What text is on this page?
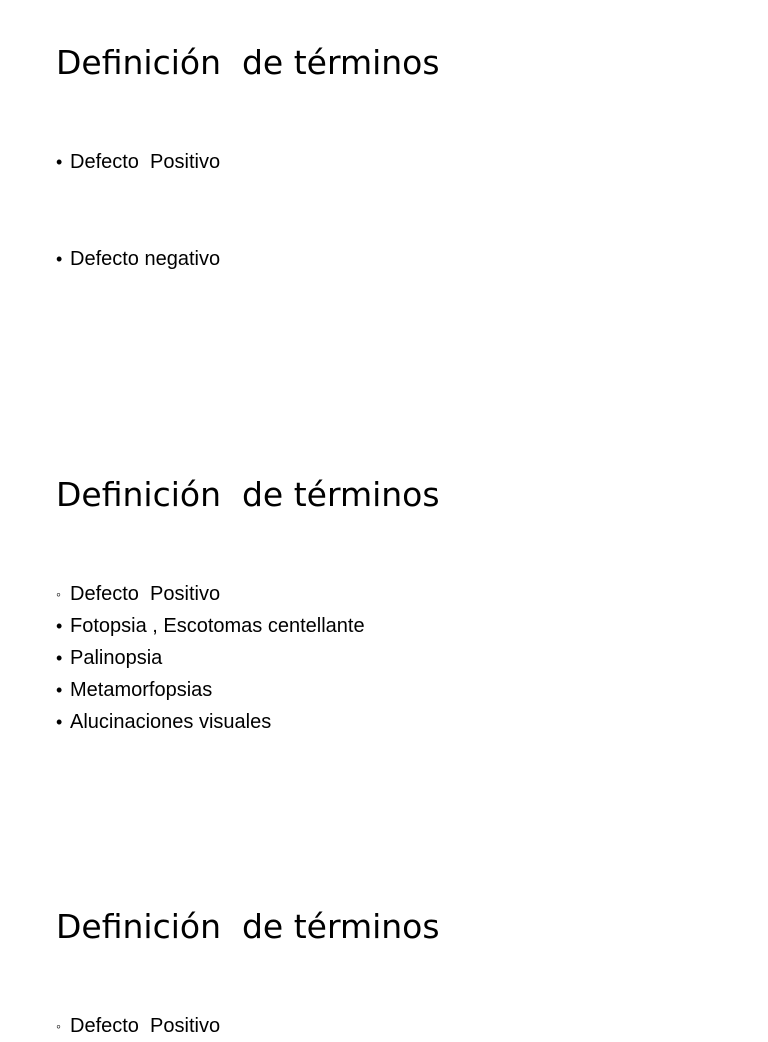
Definición  de términos
• Defecto  Positivo
• Defecto negativo
Definición  de términos
◦ Defecto  Positivo
• Fotopsia , Escotomas centellante
• Palinopsia
• Metamorfopsias
• Alucinaciones visuales
Definición  de términos
◦ Defecto  Positivo
